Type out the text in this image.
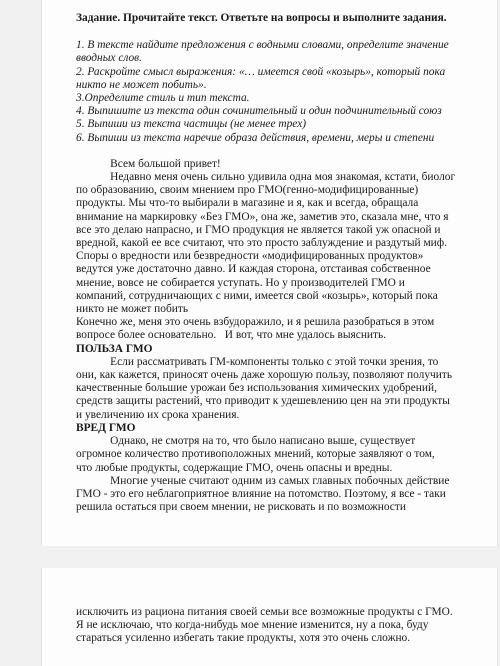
Задание. Прочитайте текст. Ответьте на вопросы и выполните задания.
1. В тексте найдите предложения с водными словами, определите значение
вводных слов.
2. Раскройте смысл выражения: «… имеется свой «козырь», который пока
никто не может побить».
3.Определите стиль и тип текста.
4. Выпишите из текста один сочинительный и один подчинительный союз
5. Выпиши из текста частицы (не менее трех)
6. Выпиши из текста наречие образа действия, времени, меры и степени
Всем большой привет!
Недавно меня очень сильно удивила одна моя знакомая, кстати, биолог
по образованию, своим мнением про ГМО(генно-модифицированные)
продукты. Мы что-то выбирали в магазине и я, как и всегда, обращала
внимание на маркировку «Без ГМО», она же, заметив это, сказала мне, что я
все это делаю напрасно, и ГМО продукция не является такой уж опасной и
вредной, какой ее все считают, что это просто заблуждение и раздутый миф.
Споры о вредности или безвредности «модифицированных продуктов»
ведутся уже достаточно давно. И каждая сторона, отстаивая собственное
мнение, вовсе не собирается уступать. Но у производителей ГМО и
компаний, сотрудничающих с ними, имеется свой «козырь», который пока
никто не может побить
Конечно же, меня это очень взбудоражило, и я решила разобраться в этом
вопросе более основательно.   И вот, что мне удалось выяснить.
ПОЛЬЗА ГМО
Если рассматривать ГМ-компоненты только с этой точки зрения, то
они, как кажется, приносят очень даже хорошую пользу, позволяют получить
качественные большие урожаи без использования химических удобрений,
средств защиты растений, что приводит к удешевлению цен на эти продукты
и увеличению их срока хранения.
ВРЕД ГМО
Однако, не смотря на то, что было написано выше, существует
огромное количество противоположных мнений, которые заявляют о том,
что любые продукты, содержащие ГМО, очень опасны и вредны.
Многие ученые считают одним из самых главных побочных действие
ГМО - это его неблагоприятное влияние на потомство. Поэтому, я все - таки
решила остаться при своем мнении, не рисковать и по возможности
исключить из рациона питания своей семьи все возможные продукты с ГМО.
Я не исключаю, что когда-нибудь мое мнение изменится, ну а пока, буду
стараться усиленно избегать такие продукты, хотя это очень сложно.
